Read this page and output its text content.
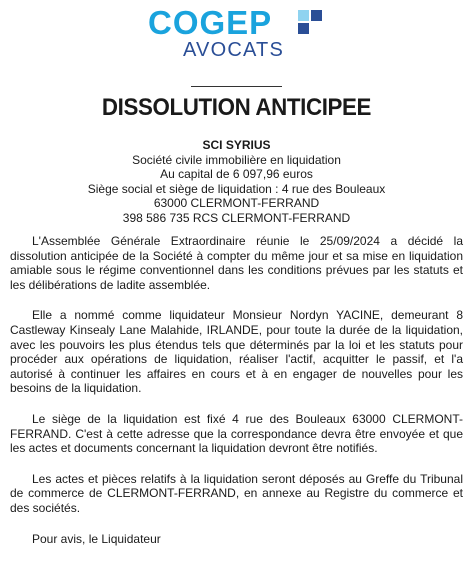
COGEP
AVOCATS
DISSOLUTION ANTICIPEE
SCI SYRIUS
Société civile immobilière en liquidation
Au capital de 6 097,96 euros
Siège social et siège de liquidation : 4 rue des Bouleaux
63000 CLERMONT-FERRAND
398 586 735 RCS CLERMONT-FERRAND

L'Assemblée Générale Extraordinaire réunie le 25/09/2024 a décidé la dissolution anticipée de la Société à compter du même jour et sa mise en liquidation amiable sous le régime conventionnel dans les conditions prévues par les statuts et les délibérations de ladite assemblée.

Elle a nommé comme liquidateur Monsieur Nordyn YACINE, demeurant 8 Castleway Kinsealy Lane Malahide, IRLANDE, pour toute la durée de la liquidation, avec les pouvoirs les plus étendus tels que déterminés par la loi et les statuts pour procéder aux opérations de liquidation, réaliser l'actif, acquitter le passif, et l'a autorisé à continuer les affaires en cours et à en engager de nouvelles pour les besoins de la liquidation.

Le siège de la liquidation est fixé 4 rue des Bouleaux 63000 CLERMONT-FERRAND. C'est à cette adresse que la correspondance devra être envoyée et que les actes et documents concernant la liquidation devront être notifiés.

Les actes et pièces relatifs à la liquidation seront déposés au Greffe du Tribunal de commerce de CLERMONT-FERRAND, en annexe au Registre du commerce et des sociétés.

Pour avis, le Liquidateur
